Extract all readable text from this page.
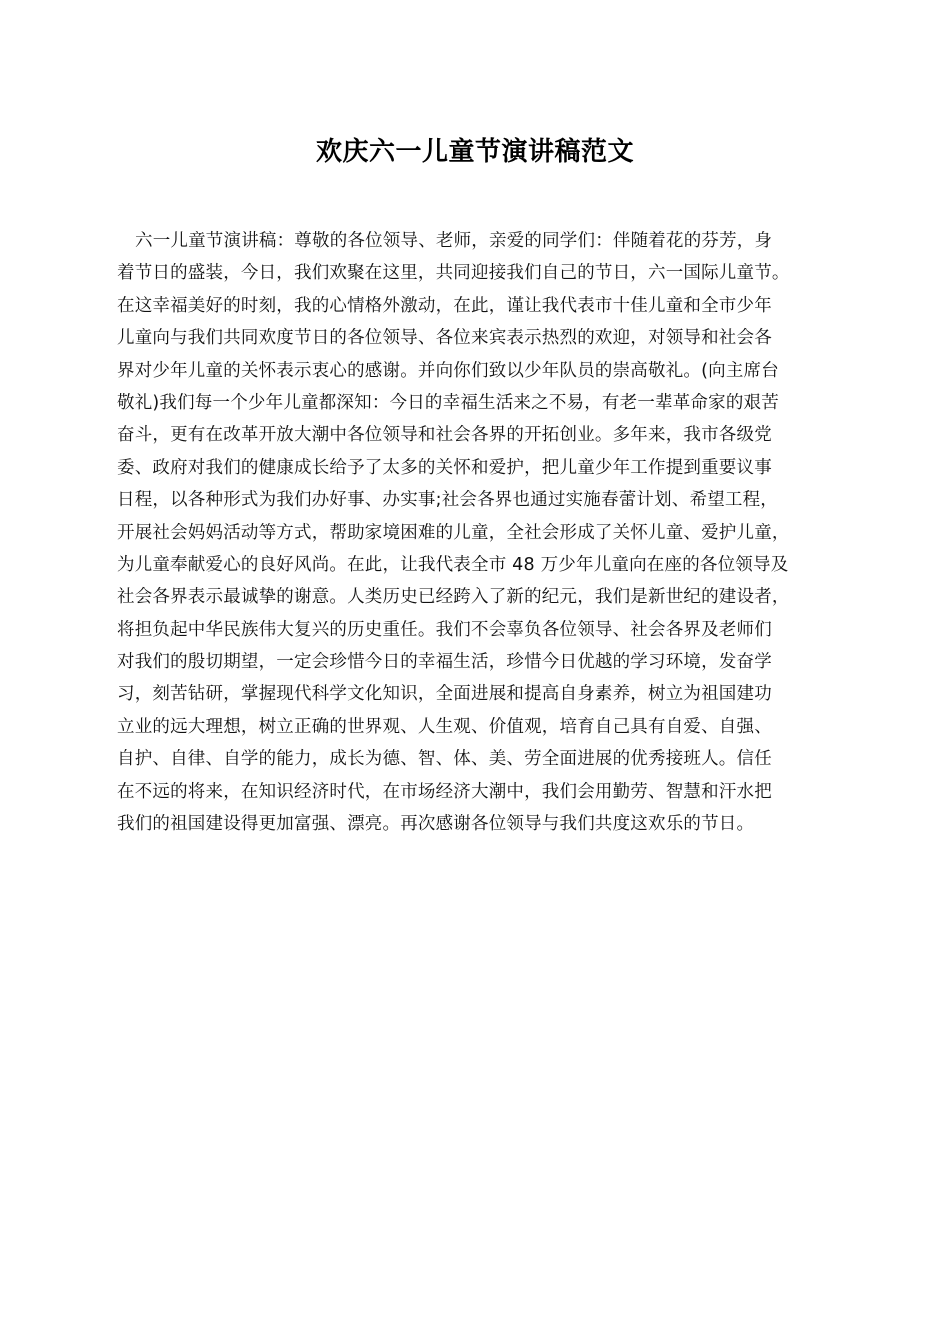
欢庆六一儿童节演讲稿范文
六一儿童节演讲稿：尊敬的各位领导、老师，亲爱的同学们：伴随着花的芬芳，身
着节日的盛装，今日，我们欢聚在这里，共同迎接我们自己的节日，六一国际儿童节。
在这幸福美好的时刻，我的心情格外激动，在此，谨让我代表市十佳儿童和全市少年
儿童向与我们共同欢度节日的各位领导、各位来宾表示热烈的欢迎，对领导和社会各
界对少年儿童的关怀表示衷心的感谢。并向你们致以少年队员的崇高敬礼。(向主席台
敬礼)我们每一个少年儿童都深知：今日的幸福生活来之不易，有老一辈革命家的艰苦
奋斗，更有在改革开放大潮中各位领导和社会各界的开拓创业。多年来，我市各级党
委、政府对我们的健康成长给予了太多的关怀和爱护，把儿童少年工作提到重要议事
日程，以各种形式为我们办好事、办实事;社会各界也通过实施春蕾计划、希望工程，
开展社会妈妈活动等方式，帮助家境困难的儿童，全社会形成了关怀儿童、爱护儿童，
为儿童奉献爱心的良好风尚。在此，让我代表全市 48 万少年儿童向在座的各位领导及
社会各界表示最诚挚的谢意。人类历史已经跨入了新的纪元，我们是新世纪的建设者，
将担负起中华民族伟大复兴的历史重任。我们不会辜负各位领导、社会各界及老师们
对我们的殷切期望，一定会珍惜今日的幸福生活，珍惜今日优越的学习环境，发奋学
习，刻苦钻研，掌握现代科学文化知识，全面进展和提高自身素养，树立为祖国建功
立业的远大理想，树立正确的世界观、人生观、价值观，培育自己具有自爱、自强、
自护、自律、自学的能力，成长为德、智、体、美、劳全面进展的优秀接班人。信任
在不远的将来，在知识经济时代，在市场经济大潮中，我们会用勤劳、智慧和汗水把
我们的祖国建设得更加富强、漂亮。再次感谢各位领导与我们共度这欢乐的节日。
